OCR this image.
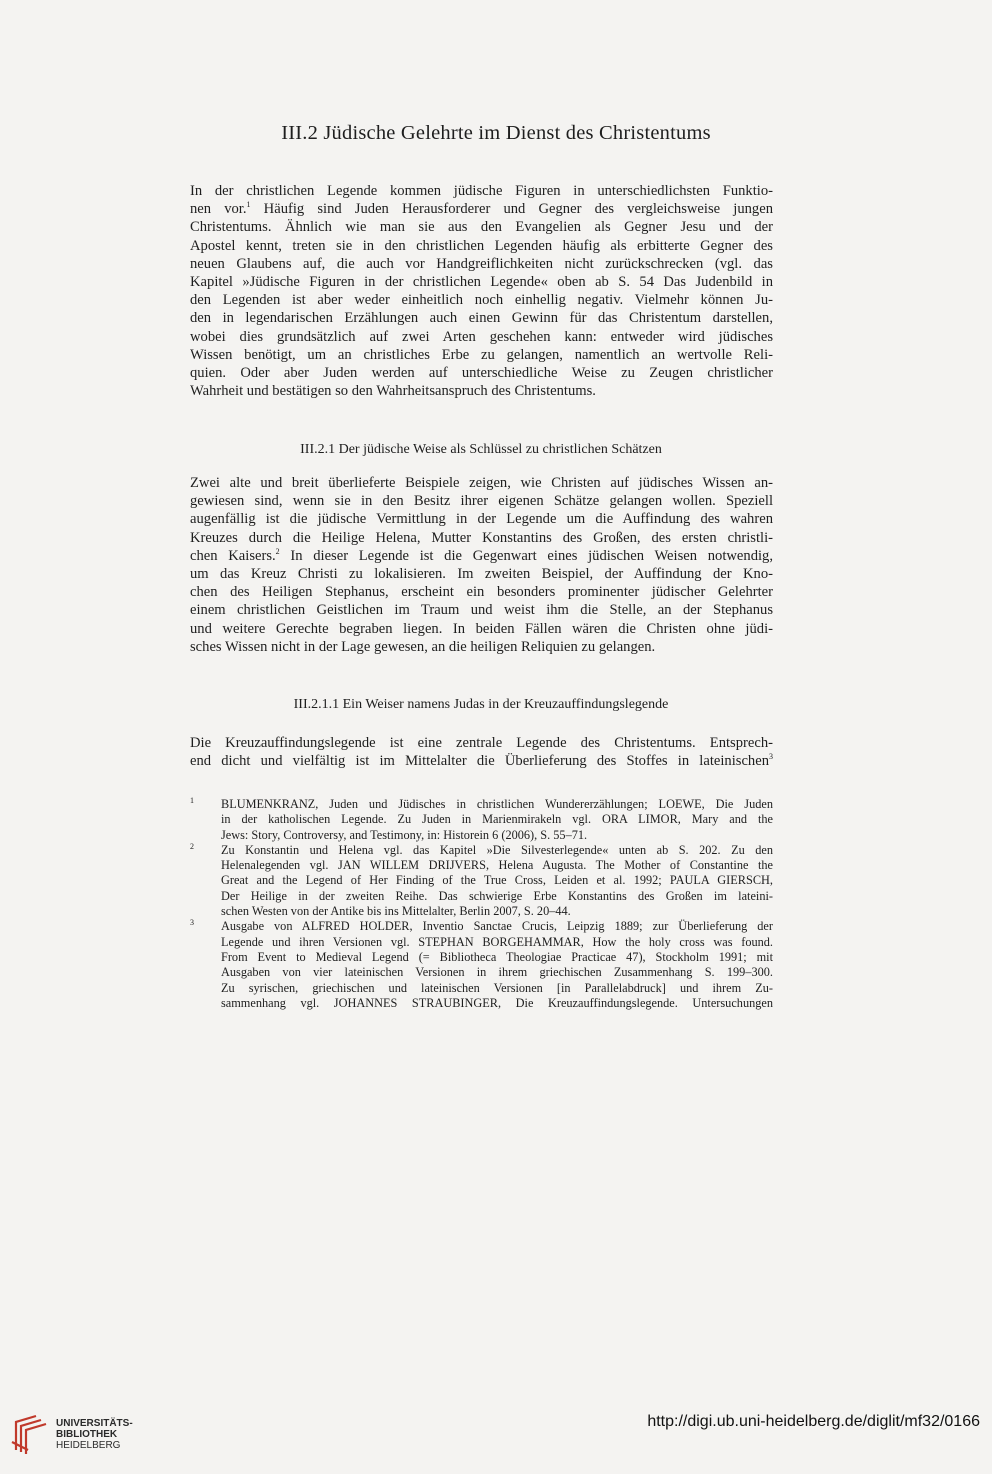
III.2 Jüdische Gelehrte im Dienst des Christentums
In der christlichen Legende kommen jüdische Figuren in unterschiedlichsten Funktio-
nen vor.$^1$ Häufig sind Juden Herausforderer und Gegner des vergleichsweise jungen
Christentums. Ähnlich wie man sie aus den Evangelien als Gegner Jesu und der
Apostel kennt, treten sie in den christlichen Legenden häufig als erbitterte Gegner des
neuen Glaubens auf, die auch vor Handgreiflichkeiten nicht zurückschrecken (vgl. das
Kapitel »Jüdische Figuren in der christlichen Legende« oben ab S. 54 Das Judenbild in
den Legenden ist aber weder einheitlich noch einhellig negativ. Vielmehr können Ju-
den in legendarischen Erzählungen auch einen Gewinn für das Christentum darstellen,
wobei dies grundsätzlich auf zwei Arten geschehen kann: entweder wird jüdisches
Wissen benötigt, um an christliches Erbe zu gelangen, namentlich an wertvolle Reli-
quien. Oder aber Juden werden auf unterschiedliche Weise zu Zeugen christlicher
Wahrheit und bestätigen so den Wahrheitsanspruch des Christentums.
III.2.1 Der jüdische Weise als Schlüssel zu christlichen Schätzen
Zwei alte und breit überlieferte Beispiele zeigen, wie Christen auf jüdisches Wissen an-
gewiesen sind, wenn sie in den Besitz ihrer eigenen Schätze gelangen wollen. Speziell
augenfällig ist die jüdische Vermittlung in der Legende um die Auffindung des wahren
Kreuzes durch die Heilige Helena, Mutter Konstantins des Großen, des ersten christli-
chen Kaisers.$^2$ In dieser Legende ist die Gegenwart eines jüdischen Weisen notwendig,
um das Kreuz Christi zu lokalisieren. Im zweiten Beispiel, der Auffindung der Kno-
chen des Heiligen Stephanus, erscheint ein besonders prominenter jüdischer Gelehrter
einem christlichen Geistlichen im Traum und weist ihm die Stelle, an der Stephanus
und weitere Gerechte begraben liegen. In beiden Fällen wären die Christen ohne jüdi-
sches Wissen nicht in der Lage gewesen, an die heiligen Reliquien zu gelangen.
III.2.1.1 Ein Weiser namens Judas in der Kreuzauffindungslegende
Die Kreuzauffindungslegende ist eine zentrale Legende des Christentums. Entsprech-
end dicht und vielfältig ist im Mittelalter die Überlieferung des Stoffes in lateinischen$^3$
1 BLUMENKRANZ, Juden und Jüdisches in christlichen Wundererzählungen; LOEWE, Die Juden
in der katholischen Legende. Zu Juden in Marienmirakeln vgl. ORA LIMOR, Mary and the
Jews: Story, Controversy, and Testimony, in: Historein 6 (2006), S. 55–71.
2 Zu Konstantin und Helena vgl. das Kapitel »Die Silvesterlegende« unten ab S. 202. Zu den
Helenalegenden vgl. JAN WILLEM DRIJVERS, Helena Augusta. The Mother of Constantine the
Great and the Legend of Her Finding of the True Cross, Leiden et al. 1992; PAULA GIERSCH,
Der Heilige in der zweiten Reihe. Das schwierige Erbe Konstantins des Großen im lateini-
schen Westen von der Antike bis ins Mittelalter, Berlin 2007, S. 20–44.
3 Ausgabe von ALFRED HOLDER, Inventio Sanctae Crucis, Leipzig 1889; zur Überlieferung der
Legende und ihren Versionen vgl. STEPHAN BORGEHAMMAR, How the holy cross was found.
From Event to Medieval Legend (= Bibliotheca Theologiae Practicae 47), Stockholm 1991; mit
Ausgaben von vier lateinischen Versionen in ihrem griechischen Zusammenhang S. 199–300.
Zu syrischen, griechischen und lateinischen Versionen [in Parallelabdruck] und ihrem Zu-
sammenhang vgl. JOHANNES STRAUBINGER, Die Kreuzauffindungslegende. Untersuchungen
UNIVERSITÄTS-
BIBLIOTHEK
HEIDELBERG
http://digi.ub.uni-heidelberg.de/diglit/mf32/0166
